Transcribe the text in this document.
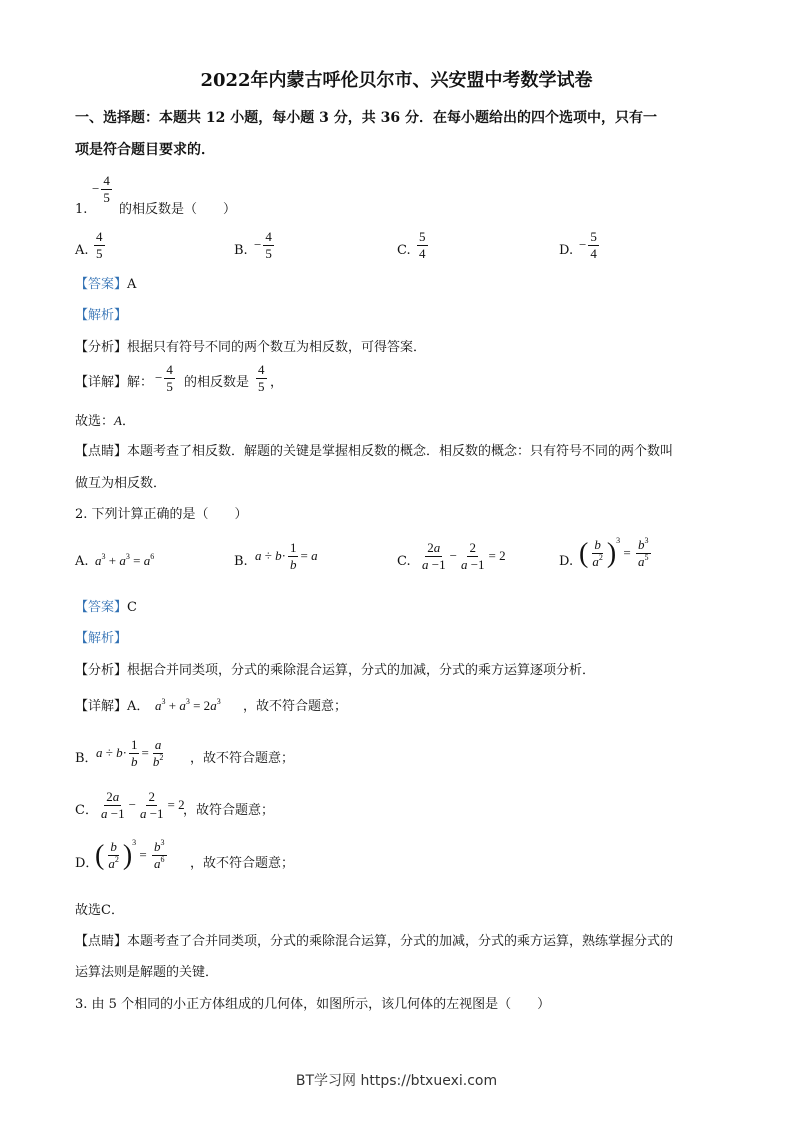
2022年内蒙古呼伦贝尔市、兴安盟中考数学试卷
一、选择题：本题共 12 小题，每小题 3 分，共 36 分．在每小题给出的四个选项中，只有一
项是符合题目要求的．
1.
− $\frac{4}{5}$
的相反数是（　　）
A. $\frac{4}{5}$	B. − $\frac{4}{5}$	C. $\frac{5}{4}$	D. − $\frac{5}{4}$
【答案】A
【解析】
【分析】根据只有符号不同的两个数互为相反数，可得答案．
【详解】解： − $\frac{4}{5}$ 的相反数是 $\frac{4}{5}$ ，
故选：A．
【点睛】本题考查了相反数．解题的关键是掌握相反数的概念．相反数的概念：只有符号不同的两个数叫
做互为相反数．
2. 下列计算正确的是（　　）
A. $a^3 + a^3 = a^6$	B. $a \div b\cdot \frac{1}{b} = a$	C. $\frac{2a}{a -1} - \frac{2}{a -1} = 2$	D. ( $\frac{b}{a^2} )^3 = \frac{b^3}{a^5}$
【答案】C
【解析】
【分析】根据合并同类项，分式的乘除混合运算，分式的加减，分式的乘方运算逐项分析．
【详解】A． $a^3 + a^3 = 2a^3$ ，故不符合题意；
B．
$a \div b\cdot \frac{1}{b} = \frac{a}{b^2}$ ，故不符合题意；
C． $\frac{2a}{a -1} - \frac{2}{a -1} = 2$
，故符合题意；
D．
( $\frac{b}{a^2} )^3 = \frac{b^3}{a^6}$ ，故不符合题意；
故选C．
【点睛】本题考查了合并同类项，分式的乘除混合运算，分式的加减，分式的乘方运算，熟练掌握分式的
运算法则是解题的关键．
3. 由 5 个相同的小正方体组成的几何体，如图所示，该几何体的左视图是（　　）
BT学习网 https://btxuexi.com
